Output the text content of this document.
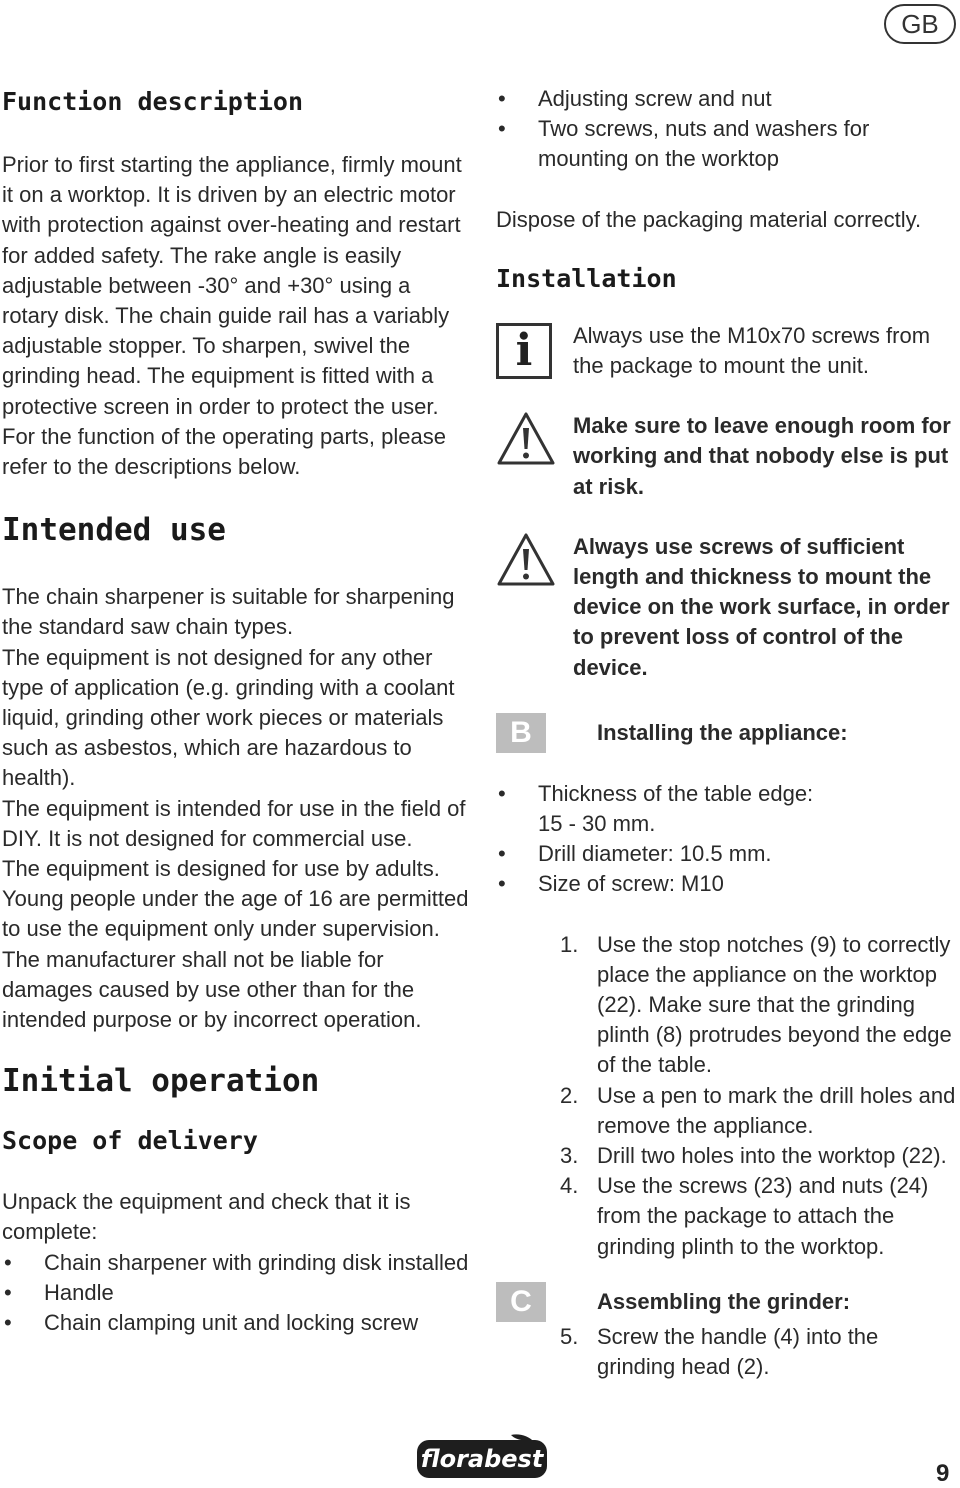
GB
Function description

Prior to first starting the appliance, firmly mount it on a worktop. It is driven by an electric motor with protection against over-heating and restart for added safety. The rake angle is easily adjustable between -30° and +30° using a rotary disk. The chain guide rail has a variably adjustable stopper. To sharpen, swivel the grinding head. The equipment is fitted with a protective screen in order to protect the user. For the function of the operating parts, please refer to the descriptions below.

Intended use

The chain sharpener is suitable for sharpening the standard saw chain types.

The equipment is not designed for any other type of application (e.g. grinding with a coolant liquid, grinding other work pieces or materials such as asbestos, which are hazardous to health).

The equipment is intended for use in the field of DIY. It is not designed for commercial use.

The equipment is designed for use by adults. Young people under the age of 16 are permitted to use the equipment only under supervision.

The manufacturer shall not be liable for damages caused by use other than for the intended purpose or by incorrect operation.

Initial operation
Scope of delivery

Unpack the equipment and check that it is complete:

• Chain sharpener with grinding disk installed
• Handle
• Chain clamping unit and locking screw
• Adjusting screw and nut
• Two screws, nuts and washers for mounting on the worktop

Dispose of the packaging material correctly.

Installation
i	Always use the M10x70 screws from the package to mount the unit.
Make sure to leave enough room for working and that nobody else is put at risk.
Always use screws of sufficient length and thickness to mount the device on the work surface, in order to prevent loss of control of the device.
B	Installing the appliance:
• Thickness of the table edge: 15 - 30 mm.
• Drill diameter: 10.5 mm.
• Size of screw: M10
1. Use the stop notches (9) to correctly place the appliance on the worktop (22). Make sure that the grinding plinth (8) protrudes beyond the edge of the table.
2. Use a pen to mark the drill holes and remove the appliance.
3. Drill two holes into the worktop (22).
4. Use the screws (23) and nuts (24) from the package to attach the grinding plinth to the worktop.
C	Assembling the grinder:
5. Screw the handle (4) into the grinding head (2).
florabest
9
